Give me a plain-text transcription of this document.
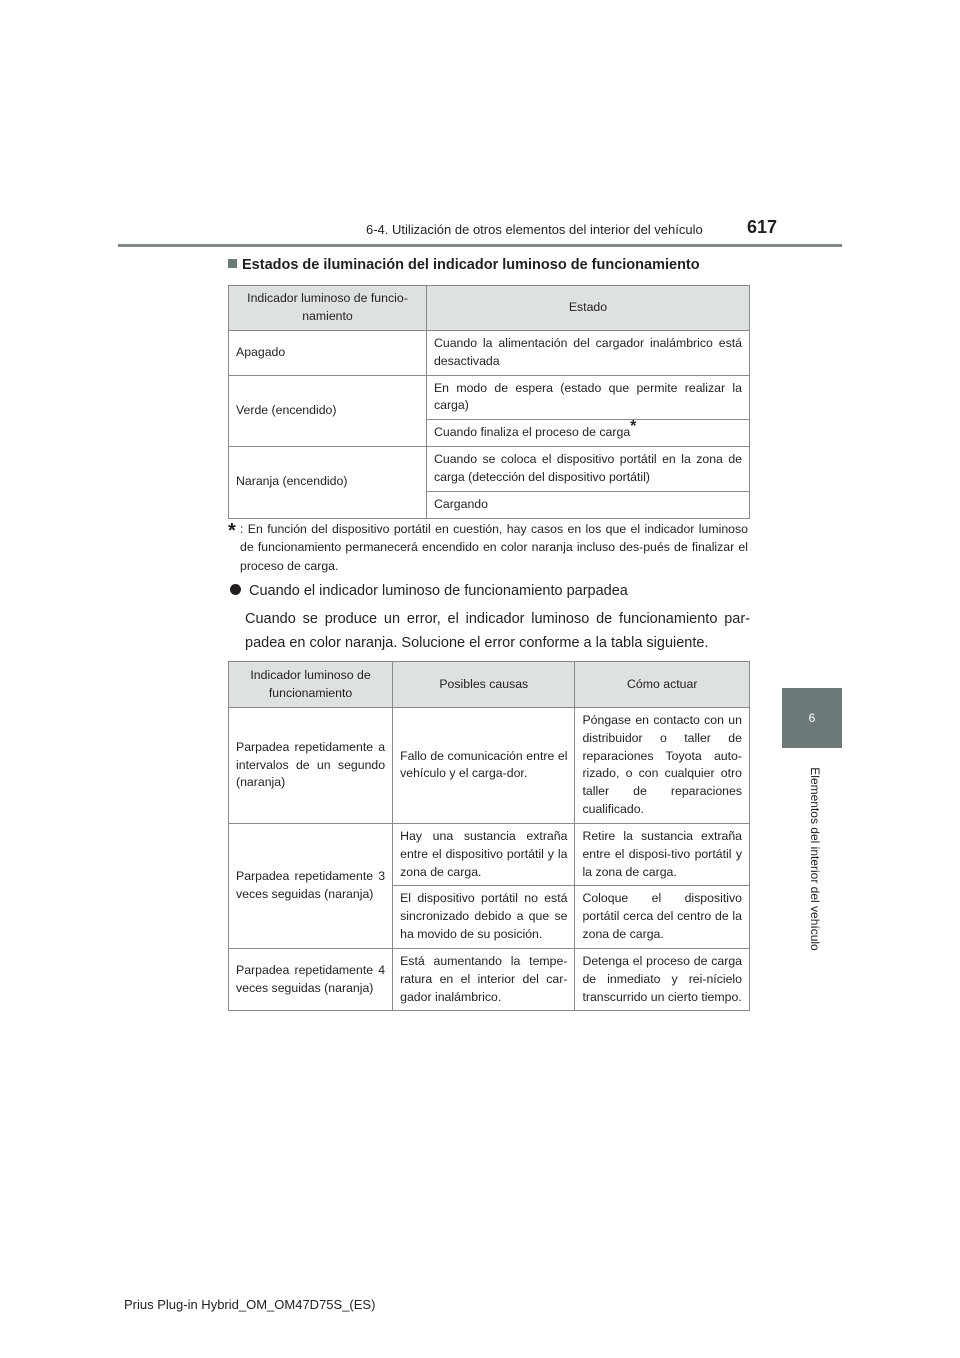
6-4. Utilización de otros elementos del interior del vehículo 617
6
Elementos del interior del vehículo
Estados de iluminación del indicador luminoso de funcionamiento
Indicador luminoso de funcio-namiento	Estado
Apagado	Cuando la alimentación del cargador inalámbrico está desactivada
Verde (encendido)	En modo de espera (estado que permite realizar la carga)
	Cuando finaliza el proceso de carga*
Naranja (encendido)	Cuando se coloca el dispositivo portátil en la zona de carga (detección del dispositivo portátil)
	Cargando
* : En función del dispositivo portátil en cuestión, hay casos en los que el indicador luminoso de funcionamiento permanecerá encendido en color naranja incluso des-pués de finalizar el proceso de carga.
Cuando el indicador luminoso de funcionamiento parpadea
Cuando se produce un error, el indicador luminoso de funcionamiento par-padea en color naranja. Solucione el error conforme a la tabla siguiente.
Indicador luminoso de funcionamiento	Posibles causas	Cómo actuar
Parpadea repetidamente a intervalos de un segundo (naranja)	Fallo de comunicación entre el vehículo y el carga-dor.	Póngase en contacto con un distribuidor o taller de reparaciones Toyota auto-rizado, o con cualquier otro taller de reparaciones cualificado.
Parpadea repetidamente 3 veces seguidas (naranja)	Hay una sustancia extraña entre el dispositivo portátil y la zona de carga.	Retire la sustancia extraña entre el disposi-tivo portátil y la zona de carga.
	El dispositivo portátil no está sincronizado debido a que se ha movido de su posición.	Coloque el dispositivo portátil cerca del centro de la zona de carga.
Parpadea repetidamente 4 veces seguidas (naranja)	Está aumentando la tempe-ratura en el interior del car-gador inalámbrico.	Detenga el proceso de carga de inmediato y rei-nícielo transcurrido un cierto tiempo.
Prius Plug-in Hybrid_OM_OM47D75S_(ES)
